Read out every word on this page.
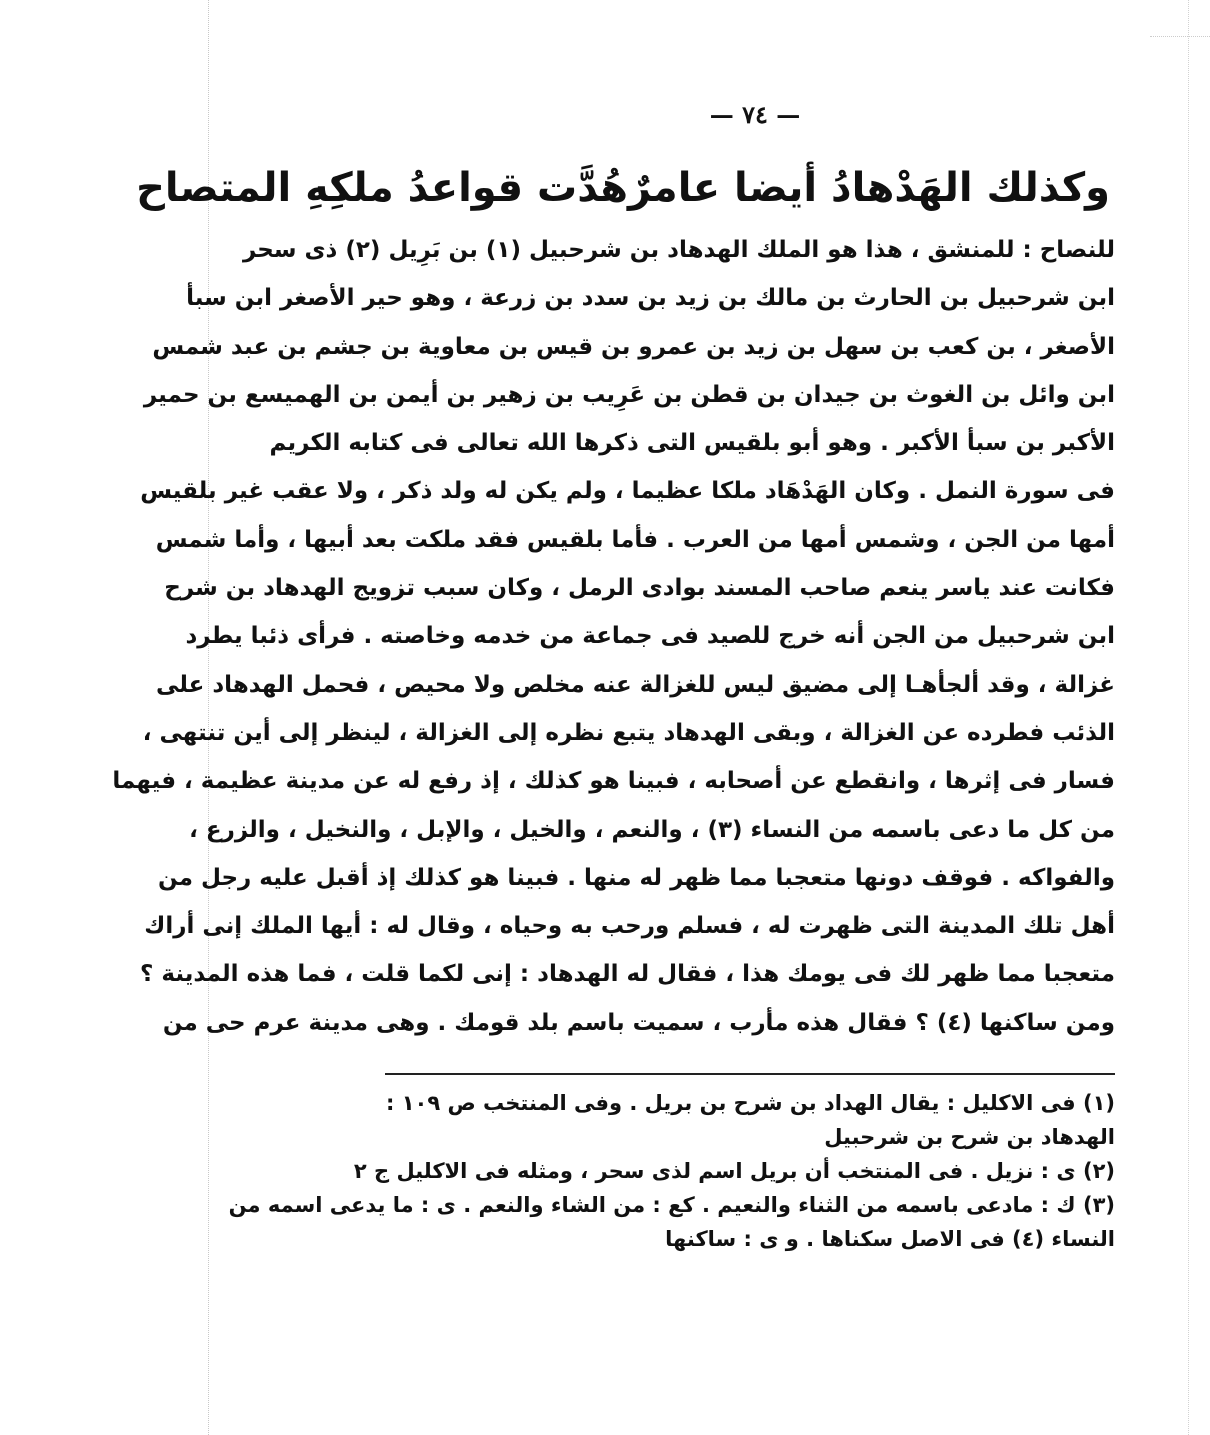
— ٧٤ —
وكذلك الهَدْهادُ أيضا عامرٌ
هُدَّت قواعدُ ملكِهِ المتصاح
للنصاح : للمنشق ، هذا هو الملك الهدهاد بن شرحبيل (١) بن بَرِيل (٢) ذى سحر
ابن شرحبيل بن الحارث بن مالك بن زيد بن سدد بن زرعة ، وهو حير الأصغر ابن سبأ
الأصغر ، بن كعب بن سهل بن زيد بن عمرو بن قيس بن معاوية بن جشم بن عبد شمس
ابن وائل بن الغوث بن جيدان بن قطن بن عَرِيب بن زهير بن أيمن بن الهميسع بن حمير
الأكبر بن سبأ الأكبر . وهو أبو بلقيس التى ذكرها الله تعالى فى كتابه الكريم
فى سورة النمل . وكان الهَدْهَاد ملكا عظيما ، ولم يكن له ولد ذكر ، ولا عقب غير بلقيس
أمها من الجن ، وشمس أمها من العرب . فأما بلقيس فقد ملكت بعد أبيها ، وأما شمس
فكانت عند ياسر ينعم صاحب المسند بوادى الرمل ، وكان سبب تزويج الهدهاد بن شرح
ابن شرحبيل من الجن أنه خرج للصيد فى جماعة من خدمه وخاصته . فرأى ذئبا يطرد
غزالة ، وقد ألجأهـا إلى مضيق ليس للغزالة عنه مخلص ولا محيص ، فحمل الهدهاد على
الذئب فطرده عن الغزالة ، وبقى الهدهاد يتبع نظره إلى الغزالة ، لينظر إلى أين تنتهى ،
فسار فى إثرها ، وانقطع عن أصحابه ، فبينا هو كذلك ، إذ رفع له عن مدينة عظيمة ، فيهما
من كل ما دعى باسمه من النساء (٣) ، والنعم ، والخيل ، والإبل ، والنخيل ، والزرع ،
والفواكه . فوقف دونها متعجبا مما ظهر له منها . فبينا هو كذلك إذ أقبل عليه رجل من
أهل تلك المدينة التى ظهرت له ، فسلم ورحب به وحياه ، وقال له : أيها الملك إنى أراك
متعجبا مما ظهر لك فى يومك هذا ، فقال له الهدهاد : إنى لكما قلت ، فما هذه المدينة ؟
ومن ساكنها (٤) ؟ فقال هذه مأرب ، سميت باسم بلد قومك . وهى مدينة عرم حى من
(١) فى الاكليل : يقال الهداد بن شرح بن بريل . وفى المنتخب ص ١٠٩ :
الهدهاد بن شرح بن شرحبيل
(٢) ى : نزيل . فى المنتخب أن بريل اسم لذى سحر ، ومثله فى الاكليل ج ٢
(٣) ك : مادعى باسمه من الثناء والنعيم . كع : من الشاء والنعم . ى : ما يدعى اسمه من
النساء (٤) فى الاصل سكناها . و ى : ساكنها
